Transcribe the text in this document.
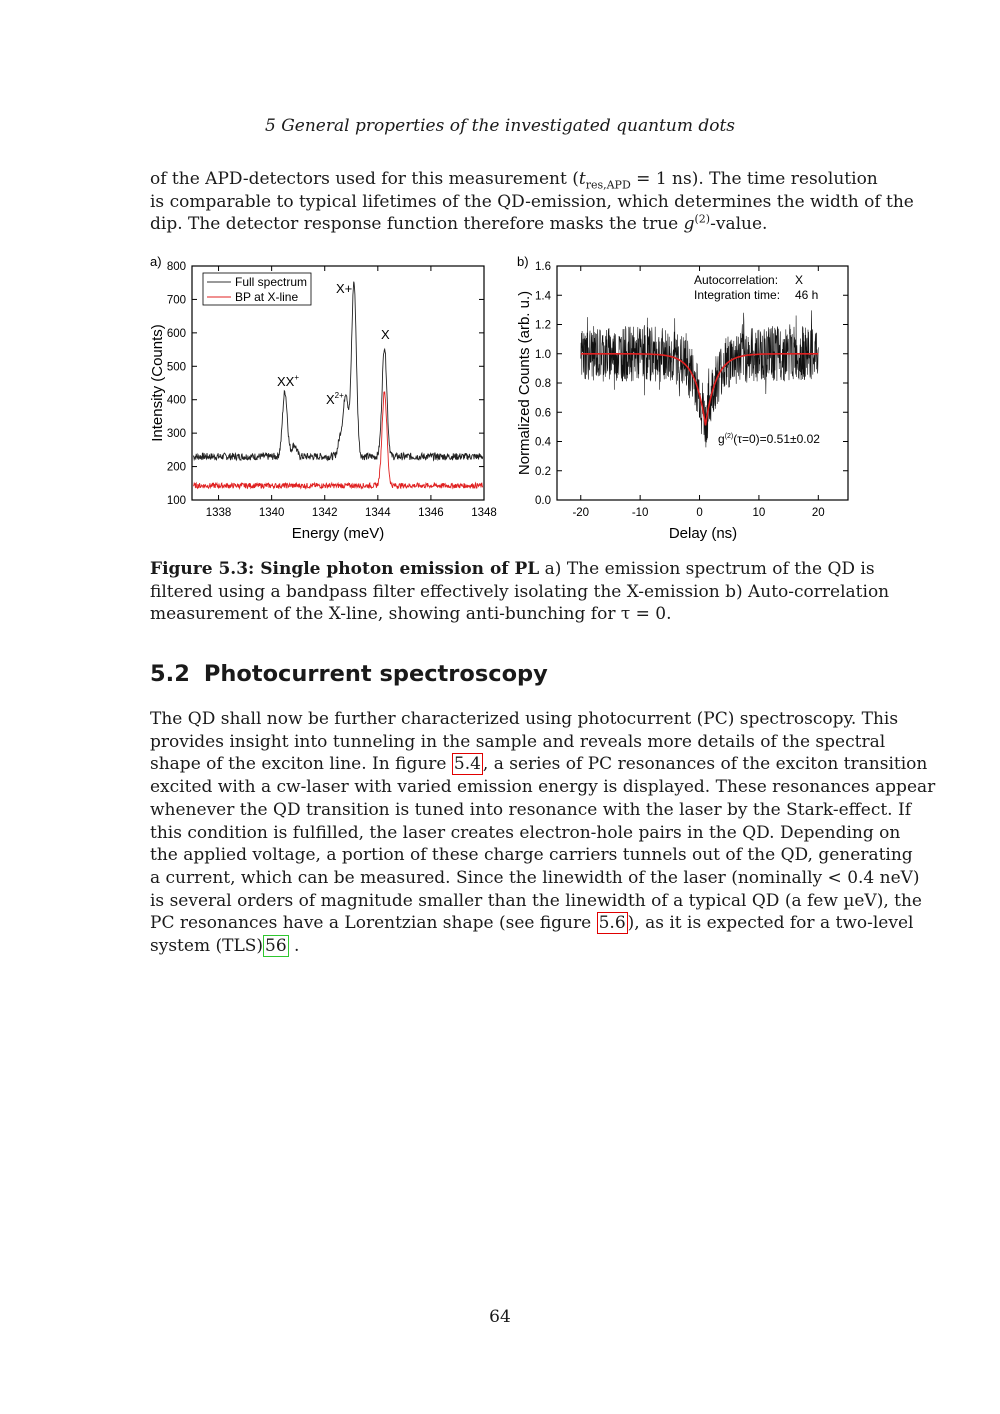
5 General properties of the investigated quantum dots
of the APD-detectors used for this measurement ($t_{res,APD} = 1$ ns). The time resolution
is comparable to typical lifetimes of the QD-emission, which determines the width of the
dip. The detector response function therefore masks the true $g^{(2)}$-value.
a)
100
200
300
400
500
600
700
800
1338 1340 1342 1344 1346 1348
Full spectrum
BP at X-line
XX+
$X^{2+}$
X+
X
Energy (meV)
Intensity (Counts)
b)
0.0
0.2
0.4
0.6
0.8
1.0
1.2
1.4
1.6
-20	-10	0	10	20
Autocorrelation: X
Integration time: 46 h
$g^{(2)}(\tau=0)=0.51\pm 0.02$
Delay (ns)
Normalized Counts (arb. u.)
Figure 5.3: Single photon emission of PL a) The emission spectrum of the QD is
filtered using a bandpass filter effectively isolating the X-emission b) Auto-correlation
measurement of the X-line, showing anti-bunching for τ = 0.
5.2 Photocurrent spectroscopy
The QD shall now be further characterized using photocurrent (PC) spectroscopy. This
provides insight into tunneling in the sample and reveals more details of the spectral
shape of the exciton line. In figure 5.4 , a series of PC resonances of the exciton transition
excited with a cw-laser with varied emission energy is displayed. These resonances appear
whenever the QD transition is tuned into resonance with the laser by the Stark-effect. If
this condition is fulfilled, the laser creates electron-hole pairs in the QD. Depending on
the applied voltage, a portion of these charge carriers tunnels out of the QD, generating
a current, which can be measured. Since the linewidth of the laser (nominally < 0.4 neV)
is several orders of magnitude smaller than the linewidth of a typical QD (a few µeV), the
PC resonances have a Lorentzian shape (see figure 5.6 ), as it is expected for a two-level
system (TLS) 56 .
64
